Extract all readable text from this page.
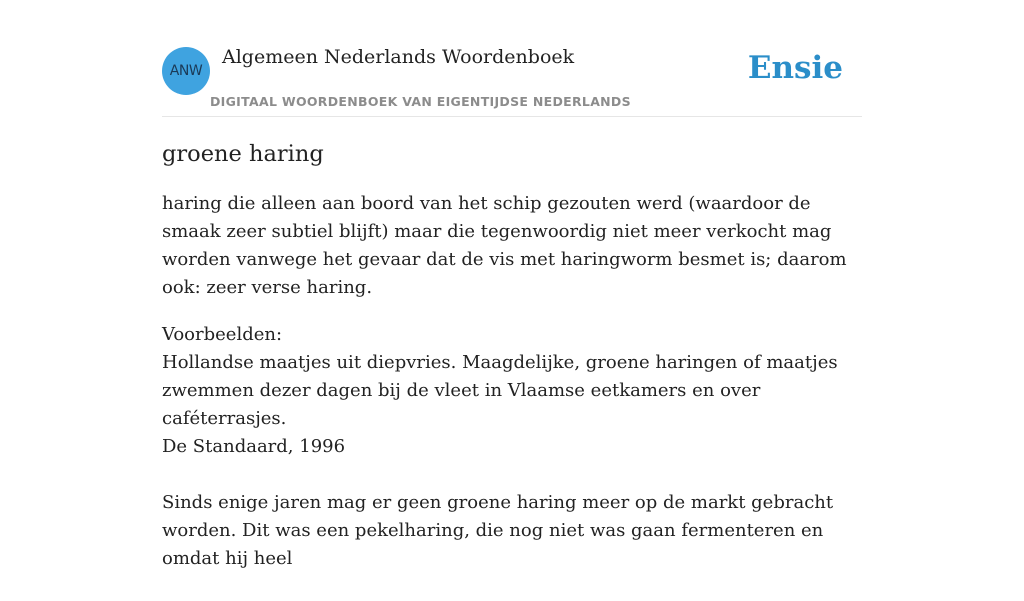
ANW
Algemeen Nederlands Woordenboek
DIGITAAL WOORDENBOEK VAN EIGENTIJDSE NEDERLANDS
Ensie
groene haring

haring die alleen aan boord van het schip gezouten werd (waardoor de smaak zeer subtiel blijft) maar die tegenwoordig niet meer verkocht mag worden vanwege het gevaar dat de vis met haringworm besmet is; daarom ook: zeer verse haring.

Voorbeelden:

Hollandse maatjes uit diepvries. Maagdelijke, groene haringen of maatjes zwemmen dezer dagen bij de vleet in Vlaamse eetkamers en over caféterrasjes.

De Standaard, 1996

Sinds enige jaren mag er geen groene haring meer op de markt gebracht worden. Dit was een pekelharing, die nog niet was gaan fermenteren en omdat hij heel
